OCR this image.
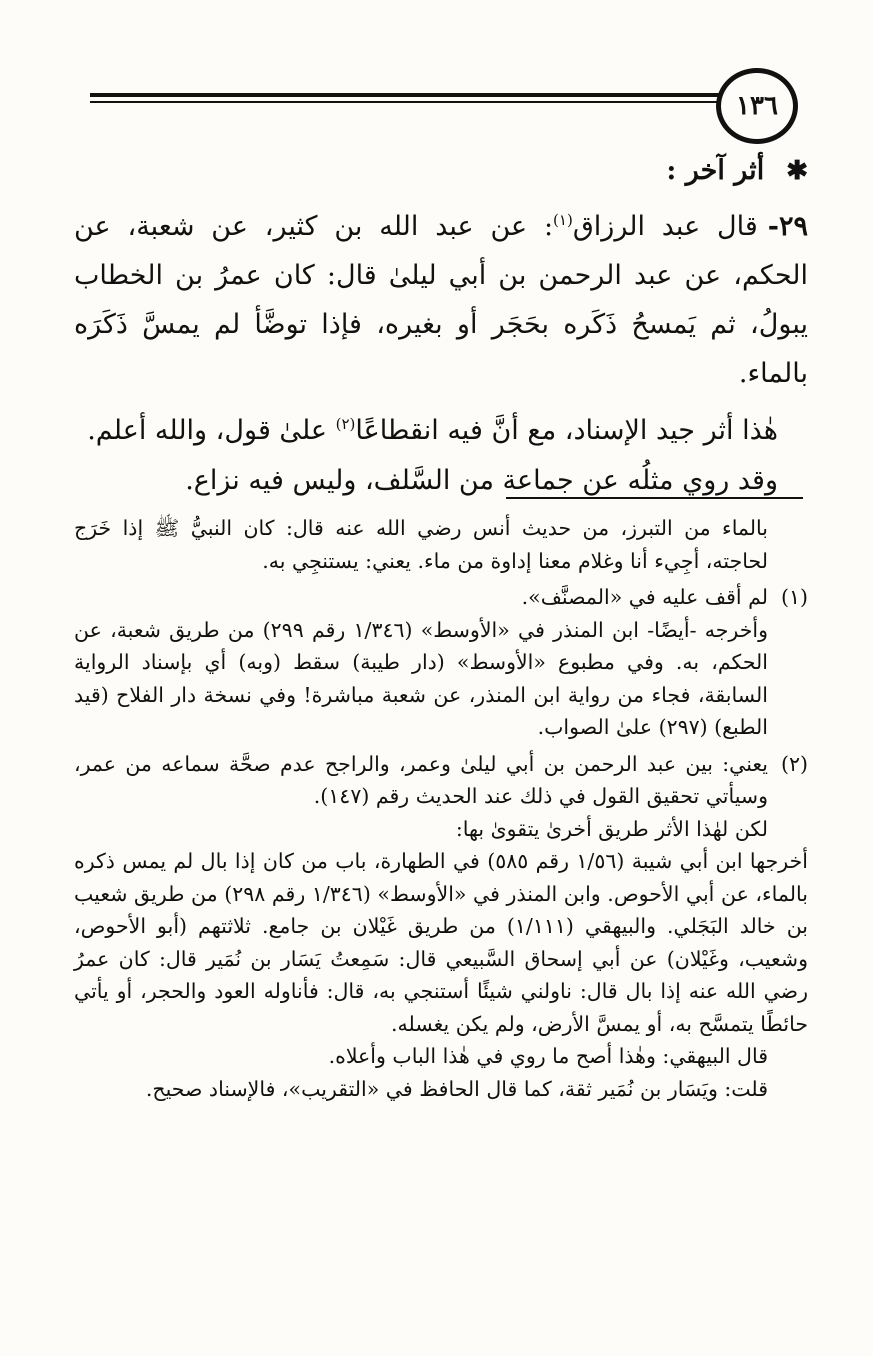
١٣٦
✱أثر آخر :

٢٩-قال عبد الرزاق$^{(١)}$: عن عبد الله بن كثير، عن شعبة، عن الحكم، عن عبد الرحمن بن أبي ليلىٰ قال: كان عمرُ بن الخطاب يبولُ، ثم يَمسحُ ذَكَره بحَجَر أو بغيره، فإذا توضَّأ لم يمسَّ ذَكَرَه بالماء.

هٰذا أثر جيد الإسناد، مع أنَّ فيه انقطاعًا$^{(٢)}$ علىٰ قول، والله أعلم.
وقد روي مثلُه عن جماعة من السَّلف، وليس فيه نزاع.

بالماء من التبرز، من حديث أنس رضي الله عنه قال: كان النبيُّ ﷺ إذا خَرَج لحاجته، أجِيء أنا وغلام معنا إداوة من ماء. يعني: يستنجِي به.

(١)
لم أقف عليه في «المصنَّف».

وأخرجه -أيضًا- ابن المنذر في «الأوسط» (١/٣٤٦ رقم ٢٩٩) من طريق شعبة، عن الحكم، به. وفي مطبوع «الأوسط» (دار طيبة) سقط (وبه) أي بإسناد الرواية السابقة، فجاء من رواية ابن المنذر، عن شعبة مباشرة! وفي نسخة دار الفلاح (قيد الطبع) (٢٩٧) علىٰ الصواب.

(٢)
يعني: بين عبد الرحمن بن أبي ليلىٰ وعمر، والراجح عدم صحَّة سماعه من عمر، وسيأتي تحقيق القول في ذلك عند الحديث رقم (١٤٧).

لكن لهٰذا الأثر طريق أخرىٰ يتقوىٰ بها:

أخرجها ابن أبي شيبة (١/٥٦ رقم ٥٨٥) في الطهارة، باب من كان إذا بال لم يمس ذكره بالماء، عن أبي الأحوص. وابن المنذر في «الأوسط» (١/٣٤٦ رقم ٢٩٨) من طريق شعيب بن خالد البَجَلي. والبيهقي (١/١١١) من طريق غَيْلان بن جامع. ثلاثتهم (أبو الأحوص، وشعيب، وغَيْلان) عن أبي إسحاق السَّبيعي قال: سَمِعتُ يَسَار بن نُمَير قال: كان عمرُ رضي الله عنه إذا بال قال: ناولني شيئًا أستنجي به، قال: فأناوله العود والحجر، أو يأتي حائطًا يتمسَّح به، أو يمسَّ الأرض، ولم يكن يغسله.

قال البيهقي: وهٰذا أصح ما روي في هٰذا الباب وأعلاه.

قلت: ويَسَار بن نُمَير ثقة، كما قال الحافظ في «التقريب»، فالإسناد صحيح.
